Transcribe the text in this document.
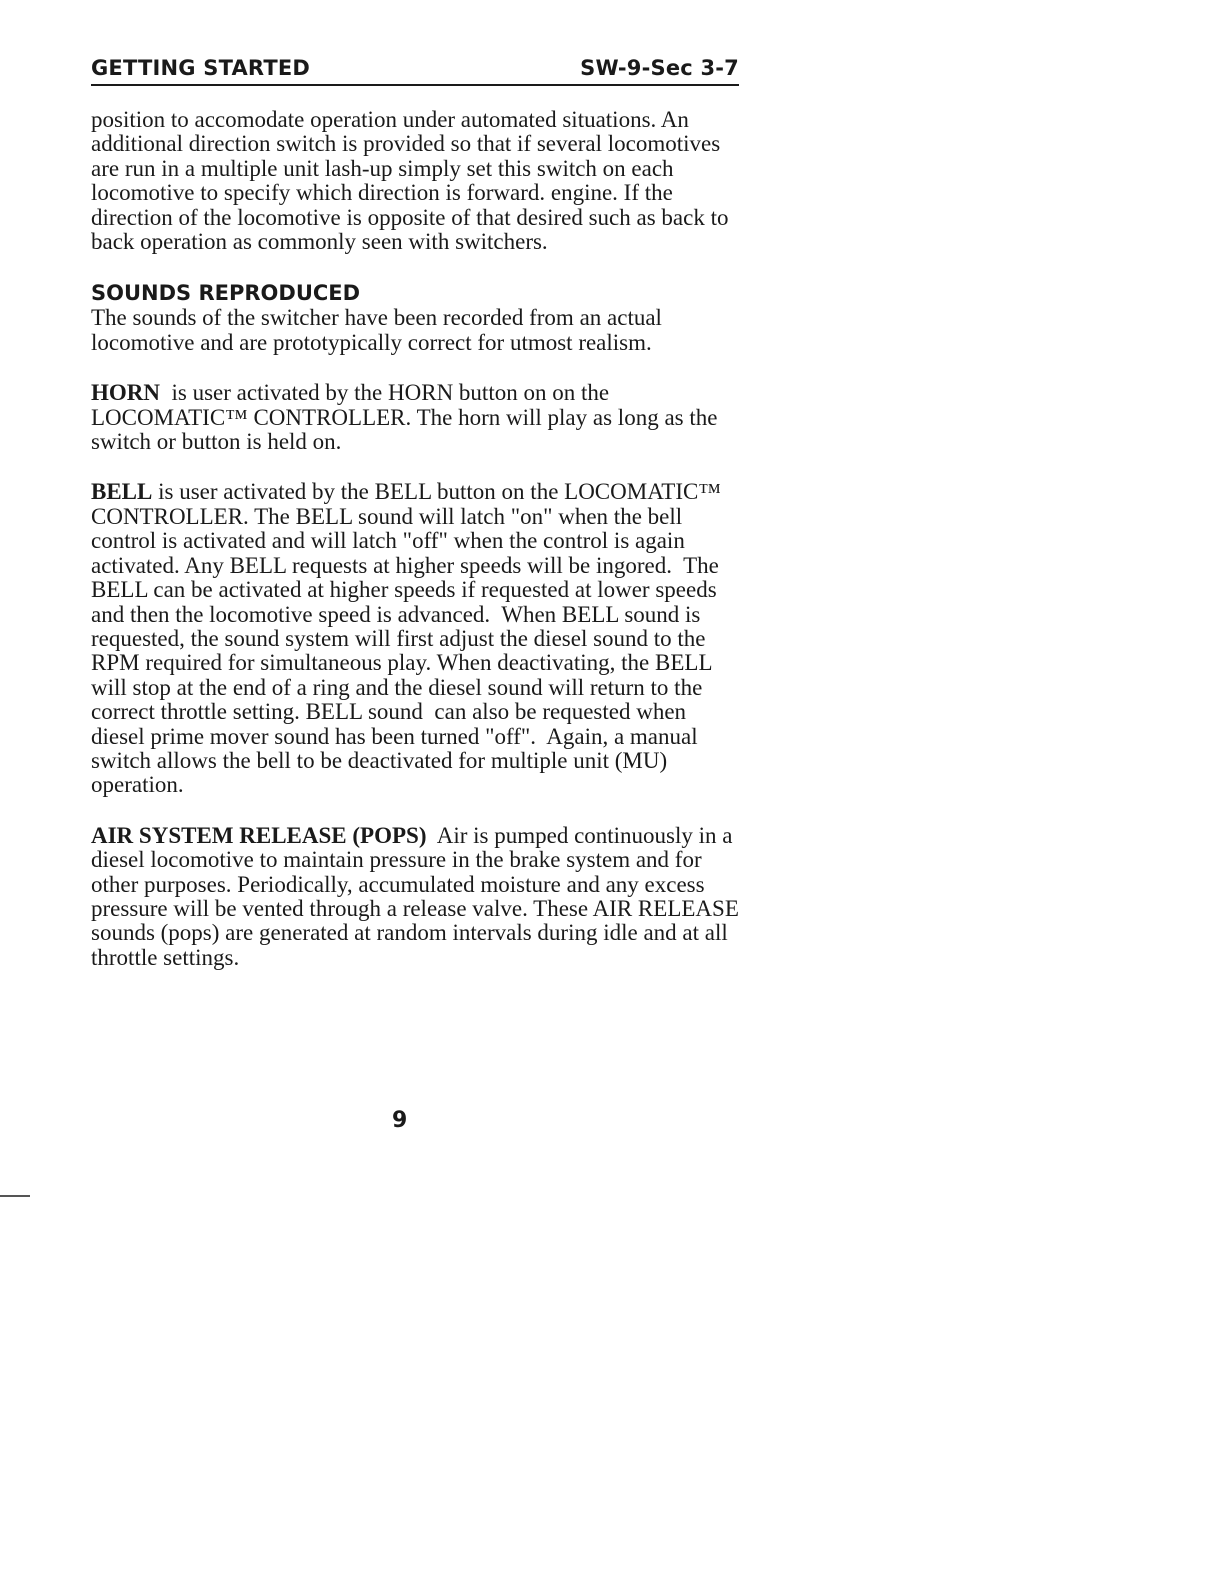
GETTING STARTED	SW-9-Sec 3-7

position to accomodate operation under automated situations. An additional direction switch is provided so that if several locomotives are run in a multiple unit lash-up simply set this switch on each locomotive to specify which direction is forward. engine. If the direction of the locomotive is opposite of that desired such as back to back operation as commonly seen with switchers.

SOUNDS REPRODUCED

The sounds of the switcher have been recorded from an actual locomotive and are prototypically correct for utmost realism.

HORN  is user activated by the HORN button on on the LOCOMATIC™ CONTROLLER. The horn will play as long as the switch or button is held on.

BELL is user activated by the BELL button on the LOCOMATIC™ CONTROLLER. The BELL sound will latch "on" when the bell control is activated and will latch "off" when the control is again activated. Any BELL requests at higher speeds will be ingored.  The BELL can be activated at higher speeds if requested at lower speeds and then the locomotive speed is advanced.  When BELL sound is requested, the sound system will first adjust the diesel sound to the RPM required for simultaneous play. When deactivating, the BELL will stop at the end of a ring and the diesel sound will return to the correct throttle setting. BELL sound  can also be requested when diesel prime mover sound has been turned "off".  Again, a manual switch allows the bell to be deactivated for multiple unit (MU) operation.

AIR SYSTEM RELEASE (POPS)  Air is pumped continuously in a diesel locomotive to maintain pressure in the brake system and for other purposes. Periodically, accumulated moisture and any excess pressure will be vented through a release valve. These AIR RELEASE sounds (pops) are generated at random intervals during idle and at all throttle settings.

9
